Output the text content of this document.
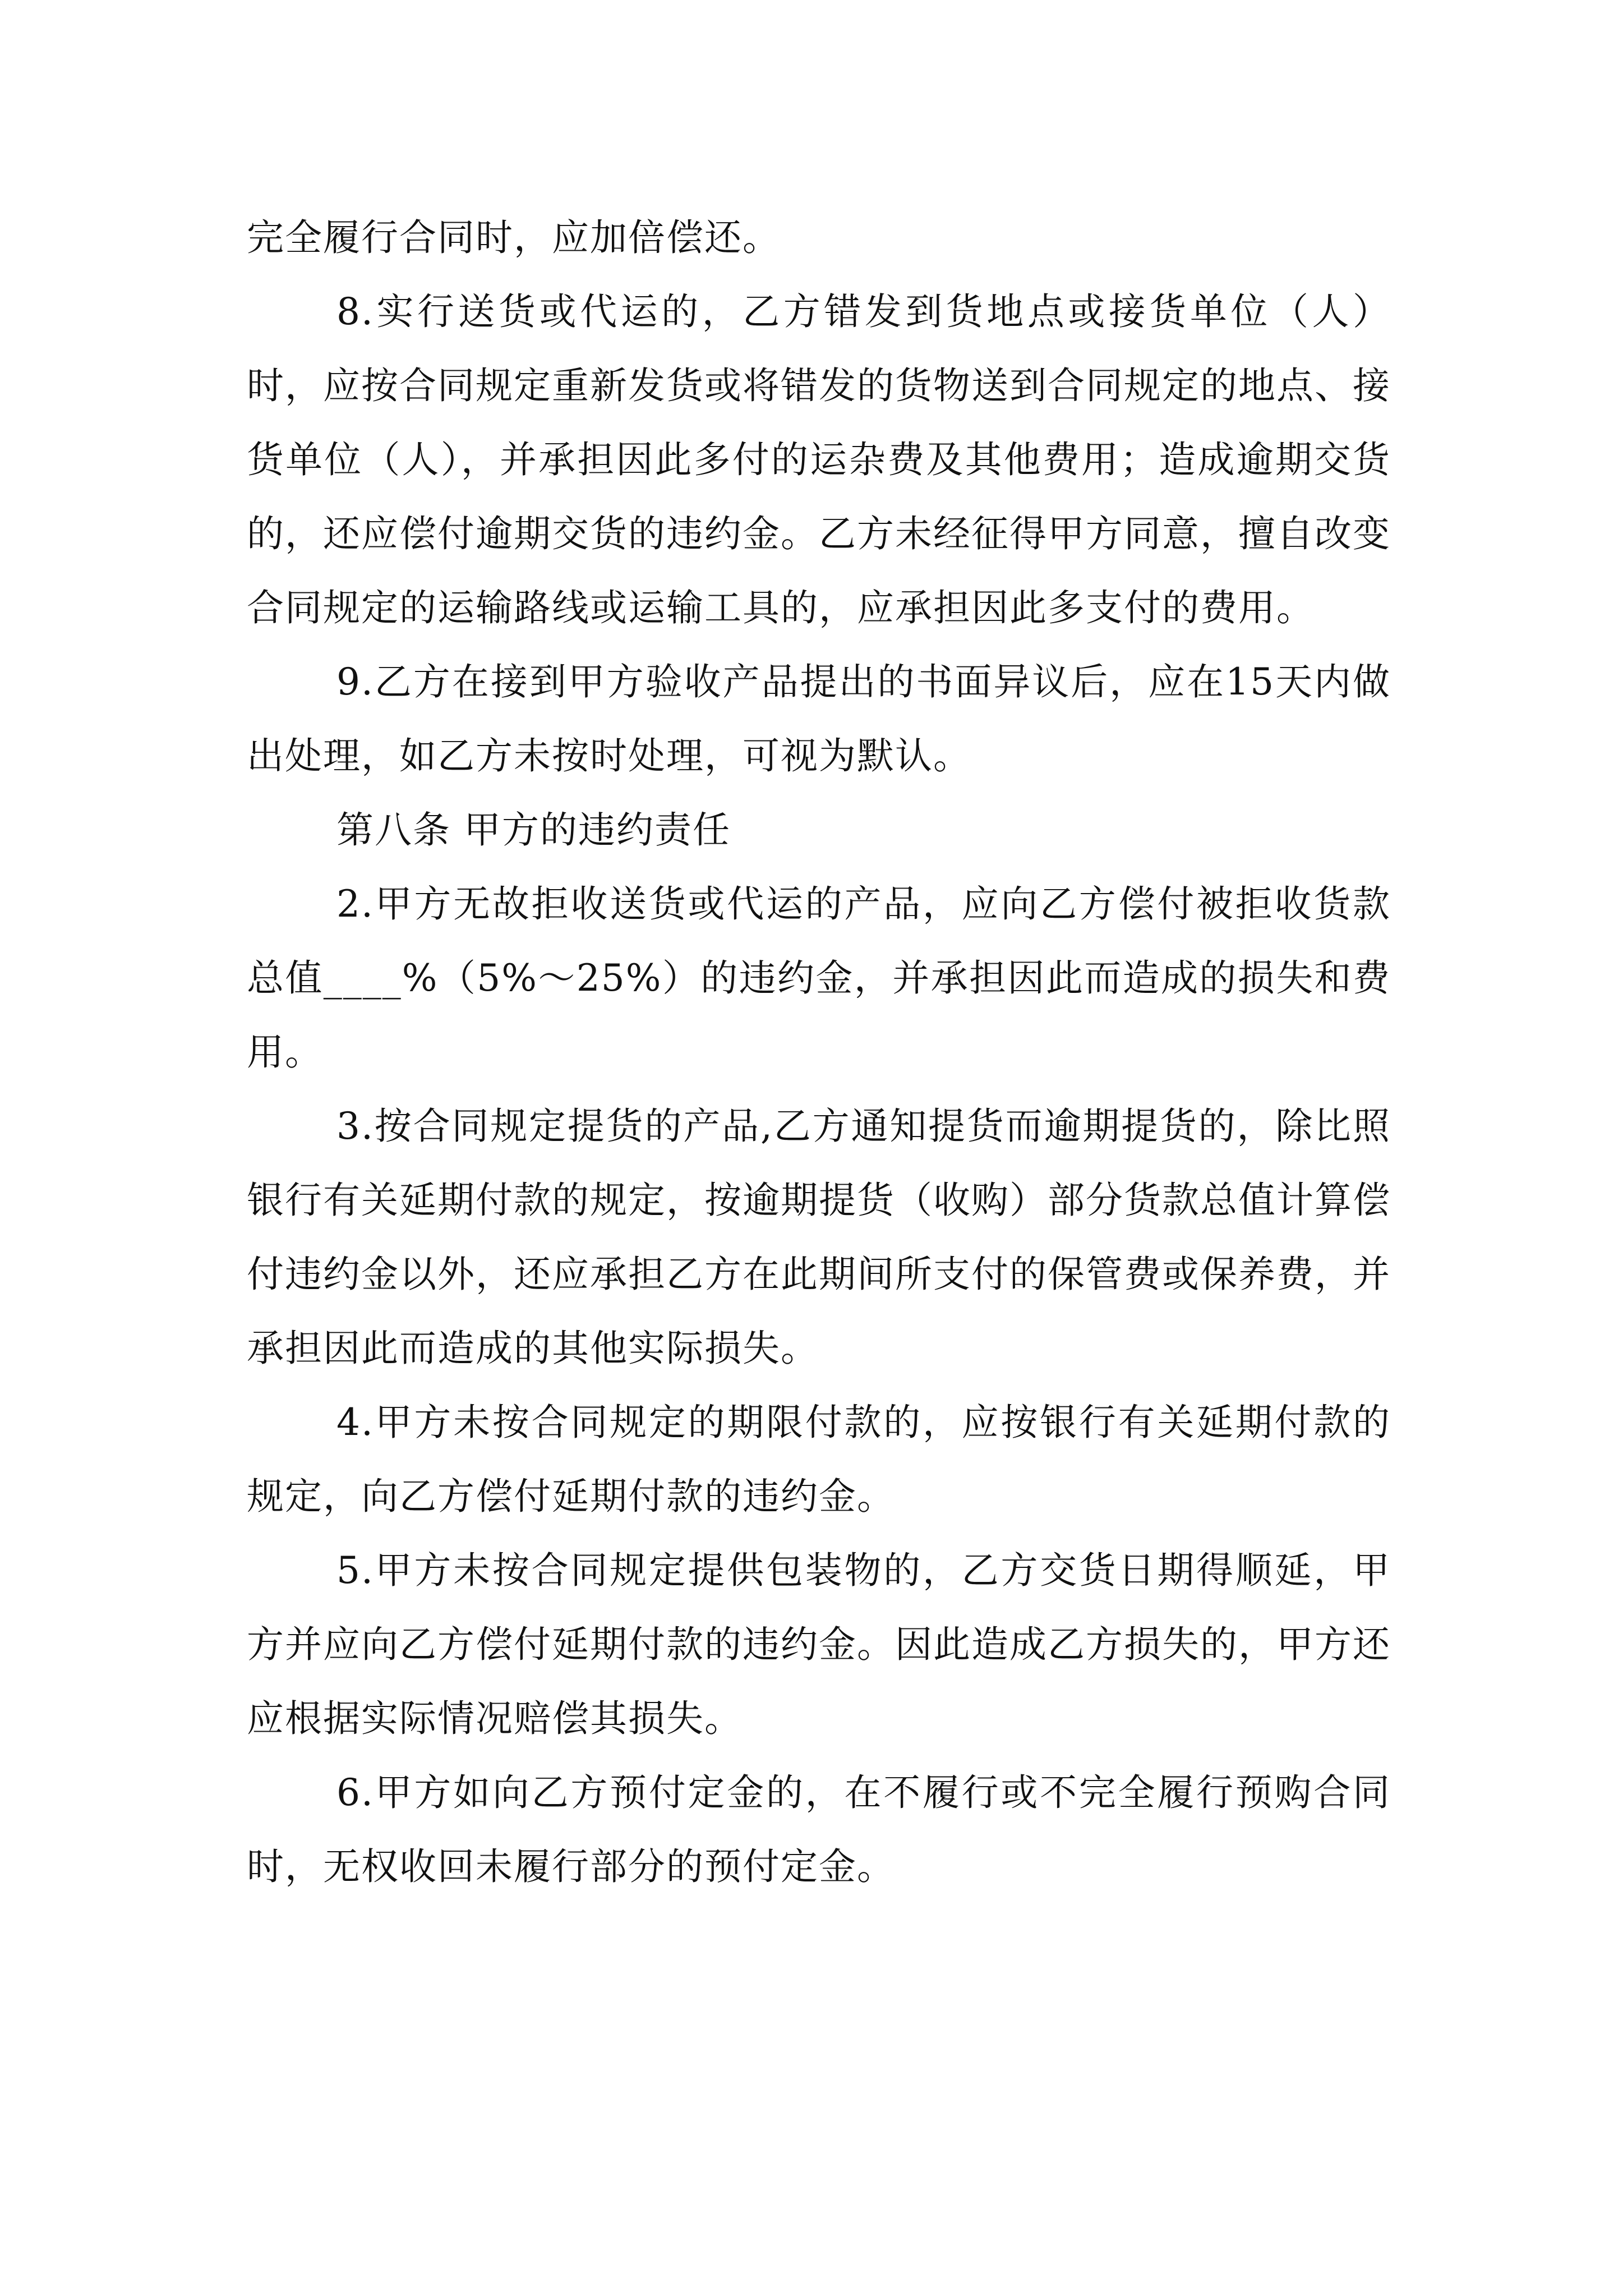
完全履行合同时，应加倍偿还。

8.实行送货或代运的，乙方错发到货地点或接货单位（人）时，应按合同规定重新发货或将错发的货物送到合同规定的地点、接货单位（人），并承担因此多付的运杂费及其他费用；造成逾期交货的，还应偿付逾期交货的违约金。乙方未经征得甲方同意，擅自改变合同规定的运输路线或运输工具的，应承担因此多支付的费用。

9.乙方在接到甲方验收产品提出的书面异议后，应在15天内做出处理，如乙方未按时处理，可视为默认。

第八条 甲方的违约责任

2.甲方无故拒收送货或代运的产品，应向乙方偿付被拒收货款总值____%（5%～25%）的违约金，并承担因此而造成的损失和费用。

3.按合同规定提货的产品,乙方通知提货而逾期提货的，除比照银行有关延期付款的规定，按逾期提货（收购）部分货款总值计算偿付违约金以外，还应承担乙方在此期间所支付的保管费或保养费，并承担因此而造成的其他实际损失。

4.甲方未按合同规定的期限付款的，应按银行有关延期付款的规定，向乙方偿付延期付款的违约金。

5.甲方未按合同规定提供包装物的，乙方交货日期得顺延，甲方并应向乙方偿付延期付款的违约金。因此造成乙方损失的，甲方还应根据实际情况赔偿其损失。

6.甲方如向乙方预付定金的，在不履行或不完全履行预购合同时，无权收回未履行部分的预付定金。
